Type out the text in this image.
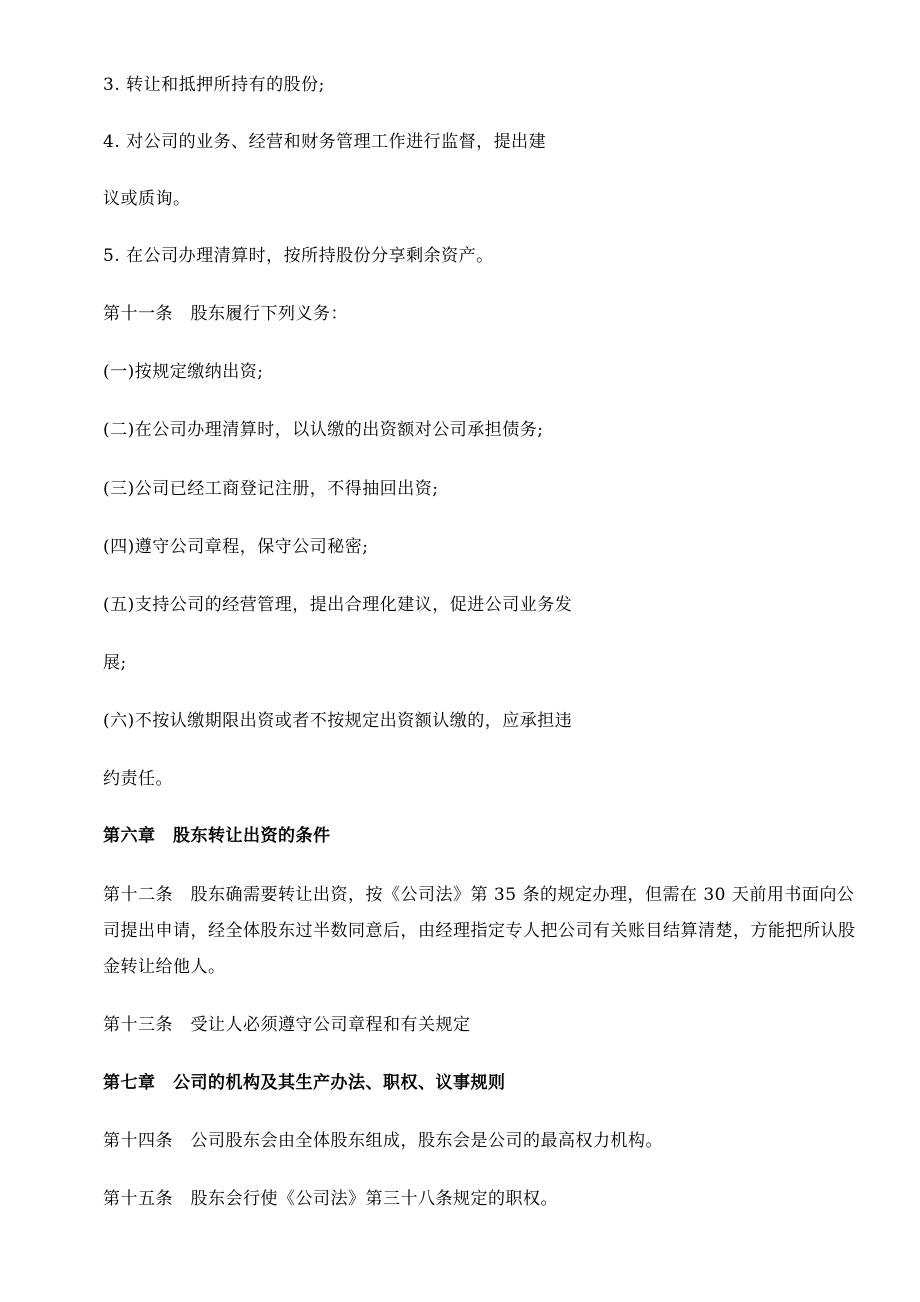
3. 转让和抵押所持有的股份;
4. 对公司的业务、经营和财务管理工作进行监督，提出建
议或质询。
5. 在公司办理清算时，按所持股份分享剩余资产。
第十一条　股东履行下列义务：
(一)按规定缴纳出资;
(二)在公司办理清算时，以认缴的出资额对公司承担债务;
(三)公司已经工商登记注册，不得抽回出资;
(四)遵守公司章程，保守公司秘密;
(五)支持公司的经营管理，提出合理化建议，促进公司业务发
展;
(六)不按认缴期限出资或者不按规定出资额认缴的，应承担违
约责任。
第六章　股东转让出资的条件
第十二条　股东确需要转让出资，按《公司法》第 35 条的规定办理，但需在 30 天前用书面向公司提出申请，经全体股东过半数同意后，由经理指定专人把公司有关账目结算清楚，方能把所认股金转让给他人。
第十三条　受让人必须遵守公司章程和有关规定
第七章　公司的机构及其生产办法、职权、议事规则
第十四条　公司股东会由全体股东组成，股东会是公司的最高权力机构。
第十五条　股东会行使《公司法》第三十八条规定的职权。
